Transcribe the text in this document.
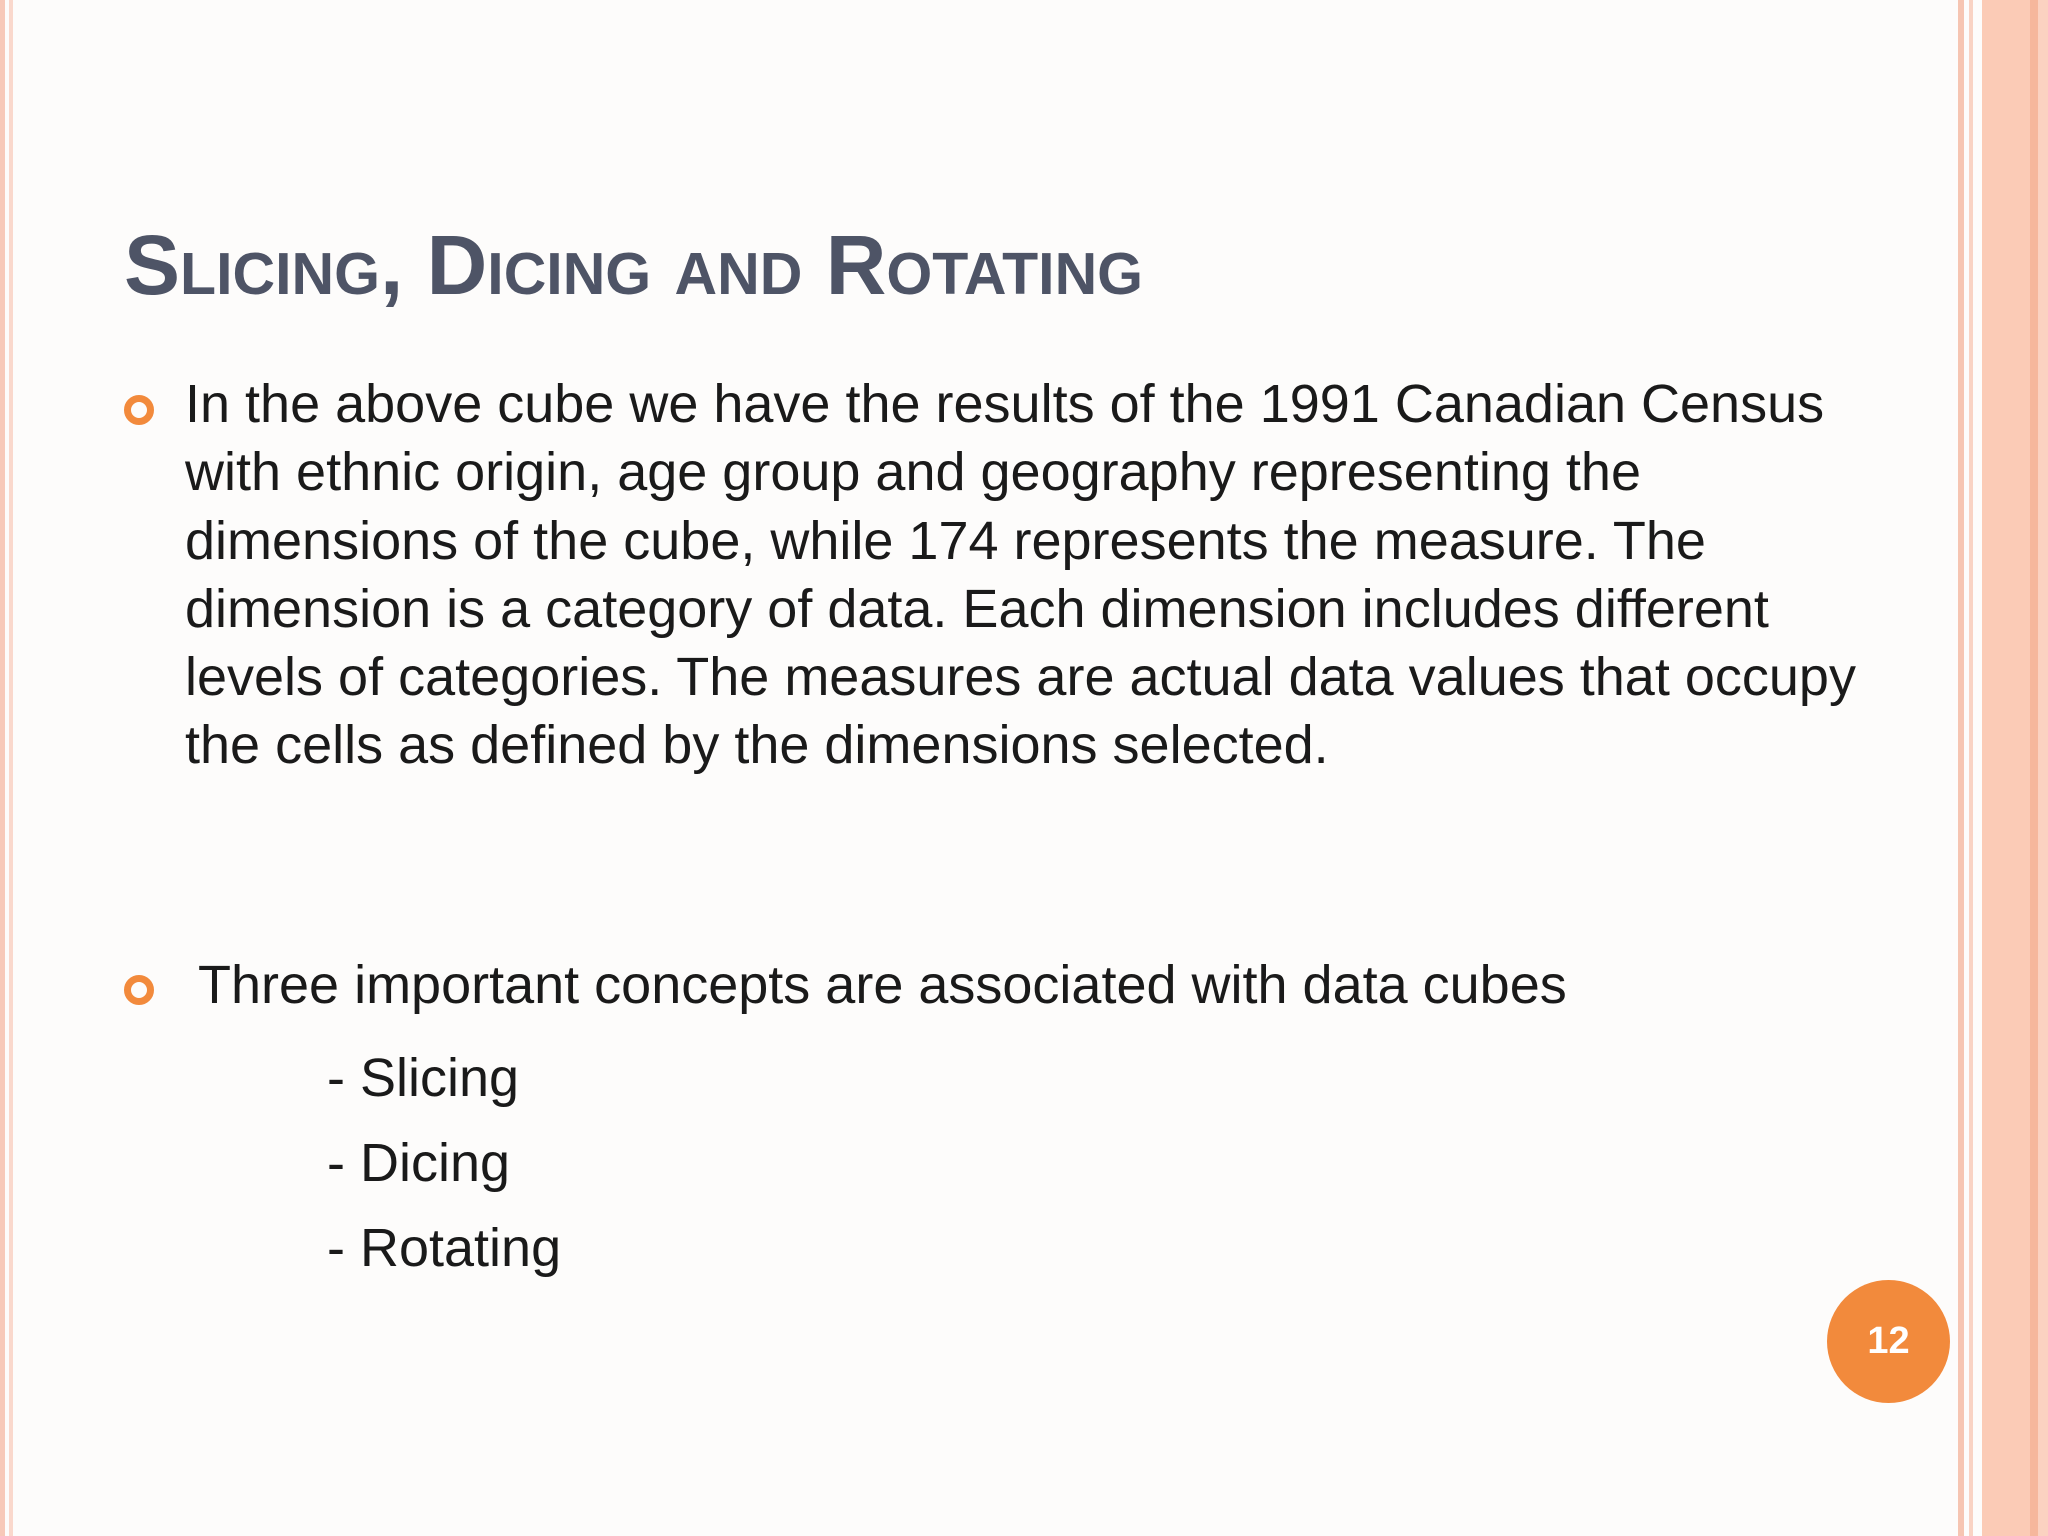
Slicing, Dicing and Rotating

In the above cube we have the results of the 1991 Canadian Census with ethnic origin, age group and geography representing the dimensions of the cube, while 174 represents the measure. The dimension is a category of data. Each dimension includes different levels of categories. The measures are actual data values that occupy the cells as defined by the dimensions selected.

Three important concepts are associated with data cubes

- Slicing
- Dicing
- Rotating
12
